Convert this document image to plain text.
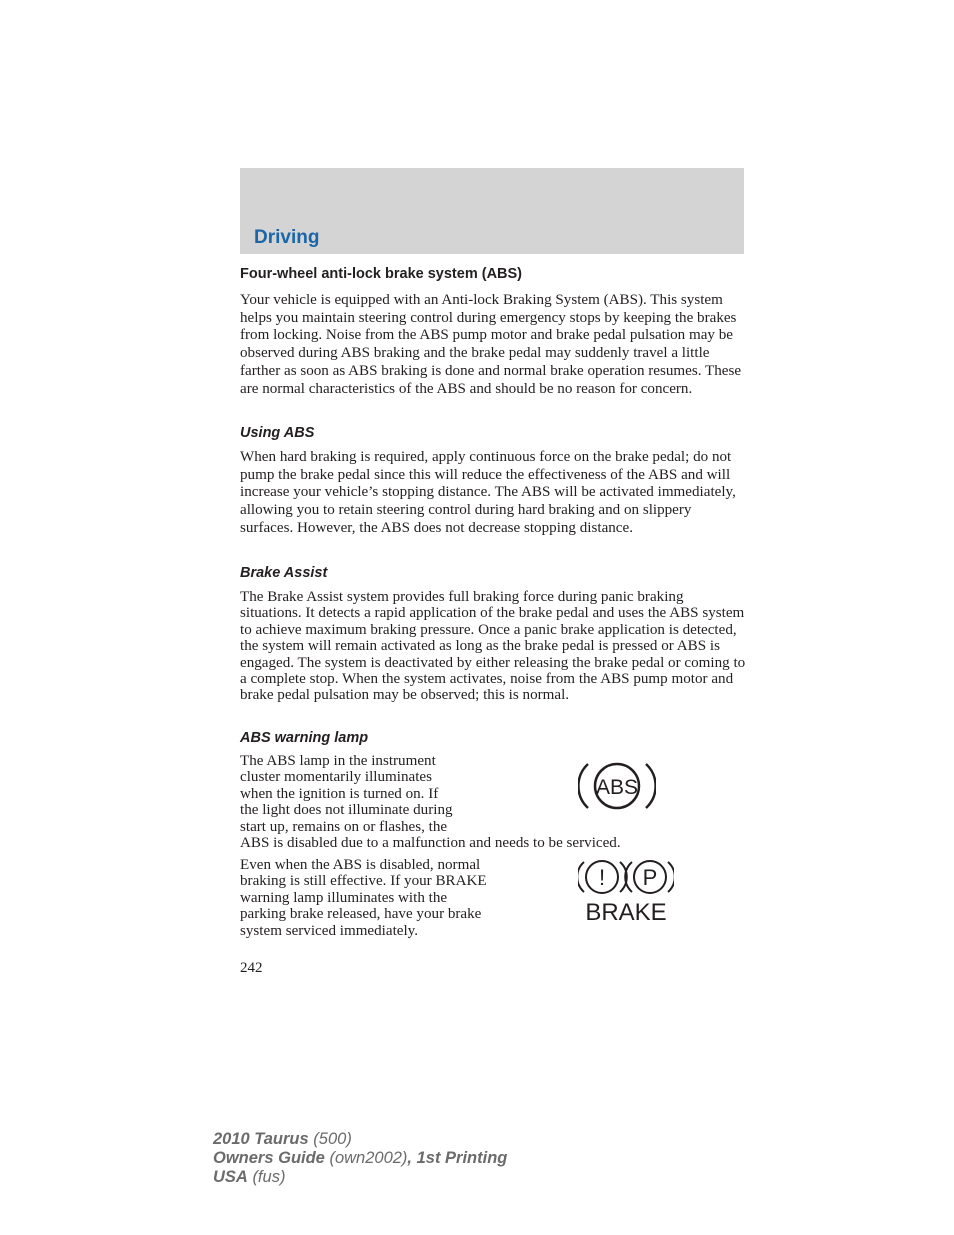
Driving
Four-wheel anti-lock brake system (ABS)

Your vehicle is equipped with an Anti-lock Braking System (ABS). This system helps you maintain steering control during emergency stops by keeping the brakes from locking. Noise from the ABS pump motor and brake pedal pulsation may be observed during ABS braking and the brake pedal may suddenly travel a little farther as soon as ABS braking is done and normal brake operation resumes. These are normal characteristics of the ABS and should be no reason for concern.

Using ABS

When hard braking is required, apply continuous force on the brake pedal; do not pump the brake pedal since this will reduce the effectiveness of the ABS and will increase your vehicle’s stopping distance. The ABS will be activated immediately, allowing you to retain steering control during hard braking and on slippery surfaces. However, the ABS does not decrease stopping distance.

Brake Assist

The Brake Assist system provides full braking force during panic braking situations. It detects a rapid application of the brake pedal and uses the ABS system to achieve maximum braking pressure. Once a panic brake application is detected, the system will remain activated as long as the brake pedal is pressed or ABS is engaged. The system is deactivated by either releasing the brake pedal or coming to a complete stop. When the system activates, noise from the ABS pump motor and brake pedal pulsation may be observed; this is normal.

ABS warning lamp

The ABS lamp in the instrument
cluster momentarily illuminates
when the ignition is turned on. If
the light does not illuminate during
start up, remains on or flashes, the
ABS is disabled due to a malfunction and needs to be serviced.

ABS

Even when the ABS is disabled, normal braking is still effective. If your BRAKE warning lamp illuminates with the parking brake released, have your brake system serviced immediately.

! P
BRAKE

242

2010 Taurus (500)
Owners Guide (own2002), 1st Printing
USA (fus)
